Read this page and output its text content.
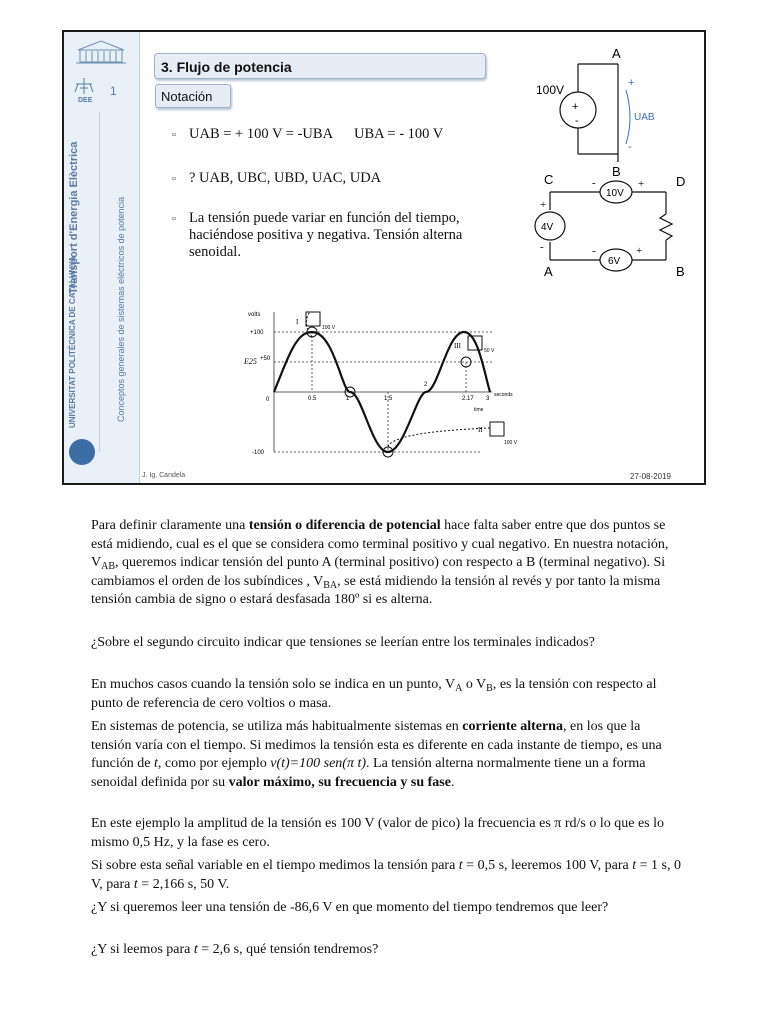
DEE
1
Transport d'Energia Elèctrica
UNIVERSITAT POLITÈCNICA DE CATALUNYA	Conceptos generales de sistemas eléctricos de potencia
3. Flujo de potencia
Notación
▫ UAB = + 100 V = -UBA      UBA = - 100 V
▫ ? UAB, UBC, UBD, UAC, UDA
▫ La tensión puede variar en función del tiempo, haciéndose positiva y negativa. Tensión alterna senoidal.
A
+
-
100V	+
-
UAB
B
C	D
A	B
10V
4V
6V
-	+
+
-	-	+
volts
E25
+100
+50
0
-100
0.5	1	1.5
2
2.17 3
seconds
time
I
II
III
100 V
50 V
100 V
J. Ig. Candela	27-08-2019

Para definir claramente una tensión o diferencia de potencial hace falta saber entre que dos puntos se está midiendo, cual es el que se considera como terminal positivo y cual negativo. En nuestra notación, $V_{AB}$, queremos indicar tensión del punto A (terminal positivo) con respecto a B (terminal negativo). Si cambiamos el orden de los subíndices , $V_{BA}$, se está midiendo la tensión al revés y por tanto la misma tensión cambia de signo o estará desfasada 180º si es alterna.

¿Sobre el segundo circuito indicar que tensiones se leerían entre los terminales indicados?

En muchos casos cuando la tensión solo se indica en un punto, $V_A$ o $V_B$, es la tensión con respecto al punto de referencia de cero voltios o masa.

En sistemas de potencia, se utiliza más habitualmente sistemas en corriente alterna, en los que la tensión varía con el tiempo. Si medimos la tensión esta es diferente en cada instante de tiempo, es una función de t, como por ejemplo v(t)=100 sen(π t). La tensión alterna normalmente tiene un a forma senoidal definida por su valor máximo, su frecuencia y su fase.

En este ejemplo la amplitud de la tensión es 100 V (valor de pico) la frecuencia es π rd/s o lo que es lo mismo 0,5 Hz, y la fase es cero.

Si sobre esta señal variable en el tiempo medimos la tensión para t = 0,5 s, leeremos 100 V, para t = 1 s, 0 V, para t = 2,166 s, 50 V.

¿Y si queremos leer una tensión de -86,6 V en que momento del tiempo tendremos que leer?

¿Y si leemos para t = 2,6 s, qué tensión tendremos?
